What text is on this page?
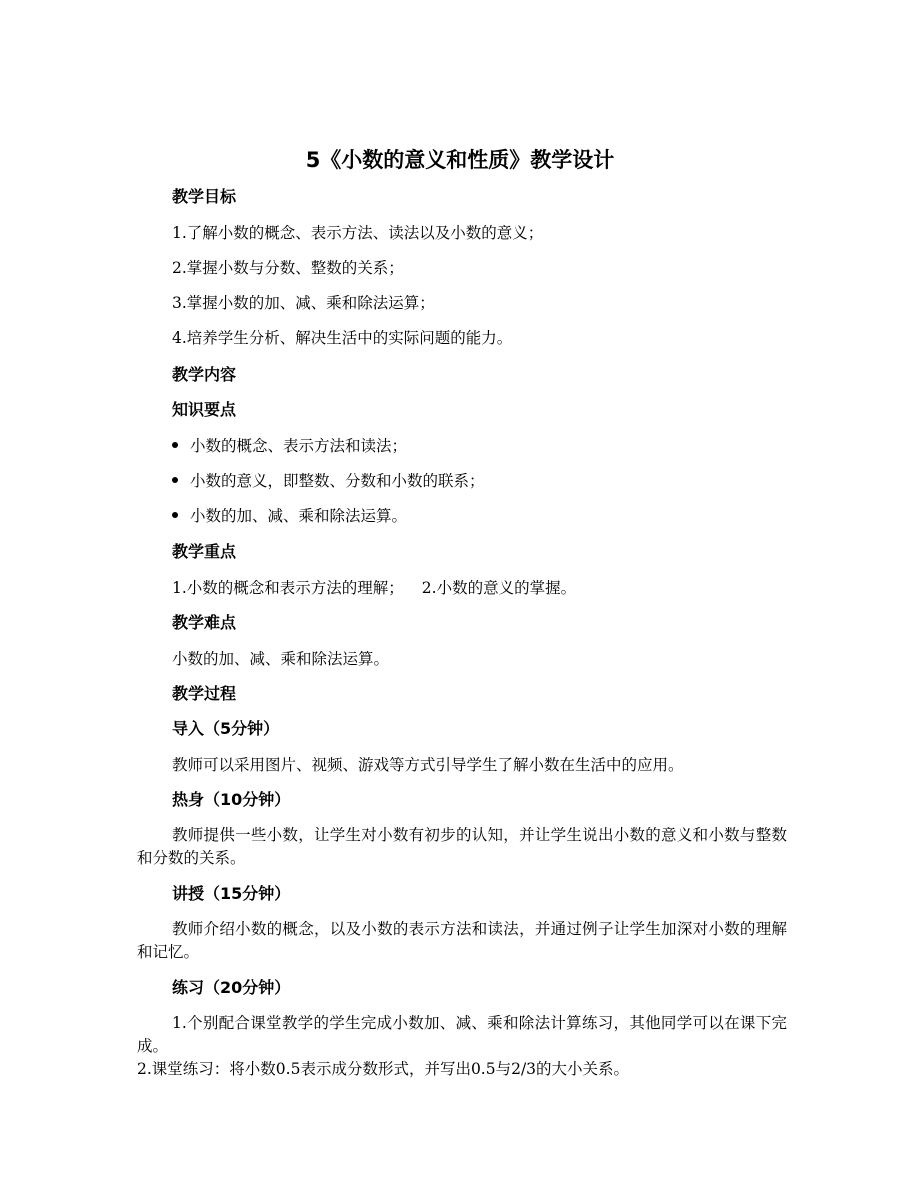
5《小数的意义和性质》教学设计
教学目标
1.了解小数的概念、表示方法、读法以及小数的意义；
2.掌握小数与分数、整数的关系；
3.掌握小数的加、减、乘和除法运算；
4.培养学生分析、解决生活中的实际问题的能力。
教学内容
知识要点
小数的概念、表示方法和读法；
小数的意义，即整数、分数和小数的联系；
小数的加、减、乘和除法运算。
教学重点
1.小数的概念和表示方法的理解； 2.小数的意义的掌握。
教学难点
小数的加、减、乘和除法运算。
教学过程
导入（5分钟）
教师可以采用图片、视频、游戏等方式引导学生了解小数在生活中的应用。
热身（10分钟）
教师提供一些小数，让学生对小数有初步的认知，并让学生说出小数的意义和小数与整数和分数的关系。
讲授（15分钟）
教师介绍小数的概念，以及小数的表示方法和读法，并通过例子让学生加深对小数的理解和记忆。
练习（20分钟）
1.个别配合课堂教学的学生完成小数加、减、乘和除法计算练习，其他同学可以在课下完成。
2.课堂练习：将小数0.5表示成分数形式，并写出0.5与2/3的大小关系。
